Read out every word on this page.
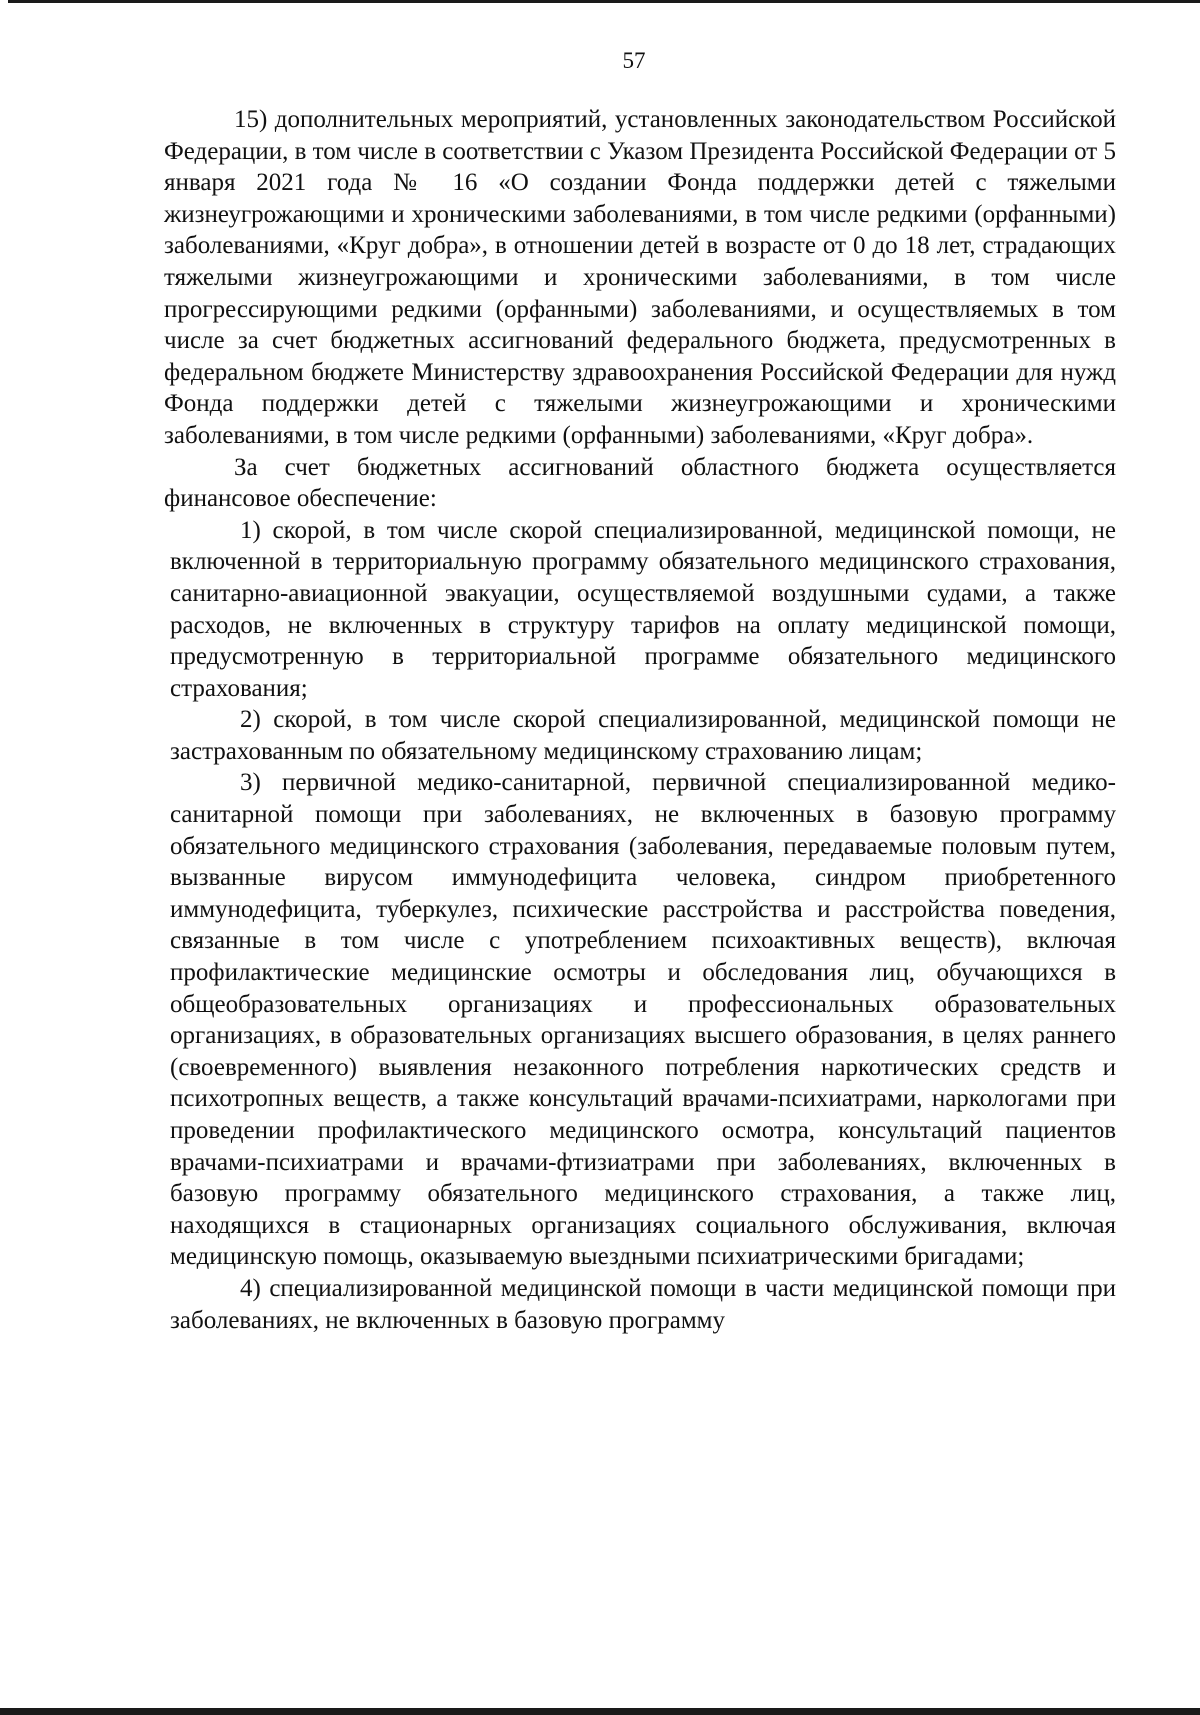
57

15) дополнительных мероприятий, установленных законодательством Российской Федерации, в том числе в соответствии с Указом Президента Российской Федерации от 5 января 2021 года № 16 «О создании Фонда поддержки детей с тяжелыми жизнеугрожающими и хроническими заболеваниями, в том числе редкими (орфанными) заболеваниями, «Круг добра», в отношении детей в возрасте от 0 до 18 лет, страдающих тяжелыми жизнеугрожающими и хроническими заболеваниями, в том числе прогрессирующими редкими (орфанными) заболеваниями, и осуществляемых в том числе за счет бюджетных ассигнований федерального бюджета, предусмотренных в федеральном бюджете Министерству здравоохранения Российской Федерации для нужд Фонда поддержки детей с тяжелыми жизнеугрожающими и хроническими заболеваниями, в том числе редкими (орфанными) заболеваниями, «Круг добра».

За счет бюджетных ассигнований областного бюджета осуществляется финансовое обеспечение:

1) скорой, в том числе скорой специализированной, медицинской помощи, не включенной в территориальную программу обязательного медицинского страхования, санитарно-авиационной эвакуации, осуществляемой воздушными судами, а также расходов, не включенных в структуру тарифов на оплату медицинской помощи, предусмотренную в территориальной программе обязательного медицинского страхования;

2) скорой, в том числе скорой специализированной, медицинской помощи не застрахованным по обязательному медицинскому страхованию лицам;

3) первичной медико-санитарной, первичной специализированной медико-санитарной помощи при заболеваниях, не включенных в базовую программу обязательного медицинского страхования (заболевания, передаваемые половым путем, вызванные вирусом иммунодефицита человека, синдром приобретенного иммунодефицита, туберкулез, психические расстройства и расстройства поведения, связанные в том числе с употреблением психоактивных веществ), включая профилактические медицинские осмотры и обследования лиц, обучающихся в общеобразовательных организациях и профессиональных образовательных организациях, в образовательных организациях высшего образования, в целях раннего (своевременного) выявления незаконного потребления наркотических средств и психотропных веществ, а также консультаций врачами-психиатрами, наркологами при проведении профилактического медицинского осмотра, консультаций пациентов врачами-психиатрами и врачами-фтизиатрами при заболеваниях, включенных в базовую программу обязательного медицинского страхования, а также лиц, находящихся в стационарных организациях социального обслуживания, включая медицинскую помощь, оказываемую выездными психиатрическими бригадами;

4) специализированной медицинской помощи в части медицинской помощи при заболеваниях, не включенных в базовую программу
